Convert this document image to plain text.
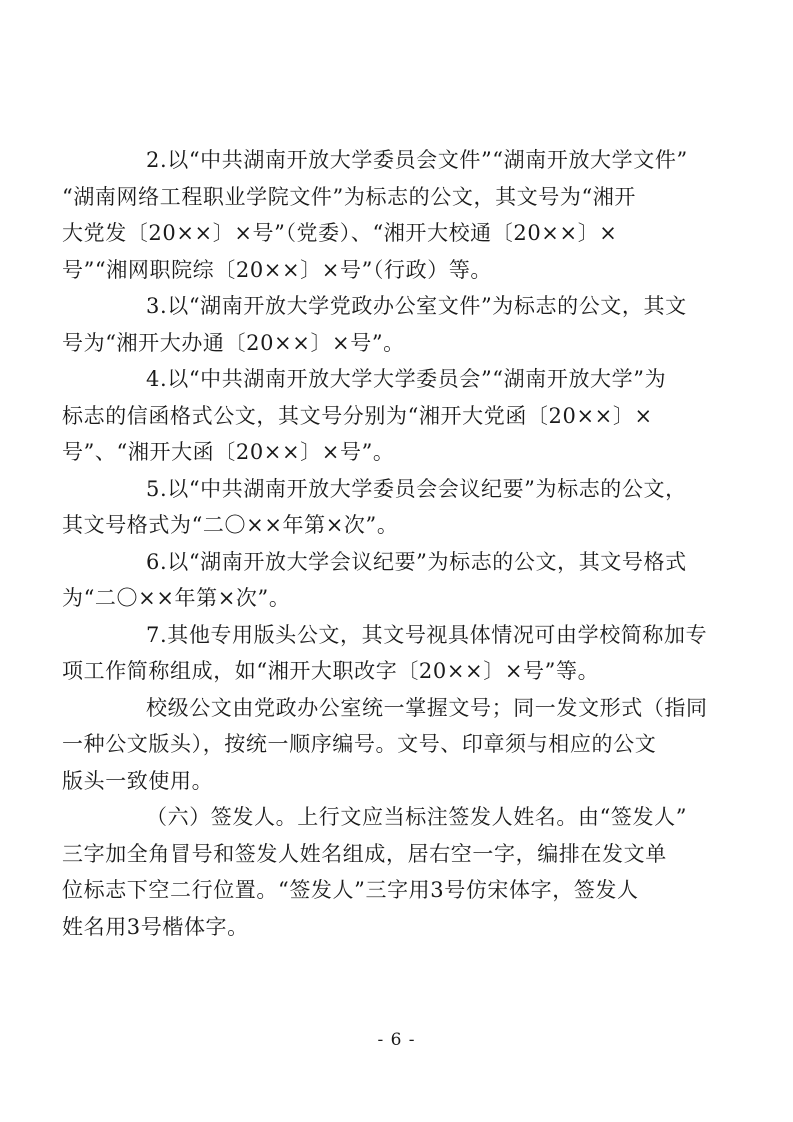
2.以“中共湖南开放大学委员会文件”“湖南开放大学文件”
“湖南网络工程职业学院文件”为标志的公文，其文号为“湘开
大党发〔20××〕×号”（党委）、“湘开大校通〔20××〕×
号”“湘网职院综〔20××〕×号”（行政）等。

3.以“湖南开放大学党政办公室文件”为标志的公文，其文
号为“湘开大办通〔20××〕×号”。

4.以“中共湖南开放大学大学委员会”“湖南开放大学”为
标志的信函格式公文，其文号分别为“湘开大党函〔20××〕×
号”、“湘开大函〔20××〕×号”。

5.以“中共湖南开放大学委员会会议纪要”为标志的公文，
其文号格式为“二〇××年第×次”。

6.以“湖南开放大学会议纪要”为标志的公文，其文号格式
为“二〇××年第×次”。

7.其他专用版头公文，其文号视具体情况可由学校简称加专
项工作简称组成，如“湘开大职改字〔20××〕×号”等。

校级公文由党政办公室统一掌握文号；同一发文形式（指同
一种公文版头），按统一顺序编号。文号、印章须与相应的公文
版头一致使用。

（六）签发人。上行文应当标注签发人姓名。由“签发人”
三字加全角冒号和签发人姓名组成，居右空一字，编排在发文单
位标志下空二行位置。“签发人”三字用3号仿宋体字，签发人
姓名用3号楷体字。

- 6 -
